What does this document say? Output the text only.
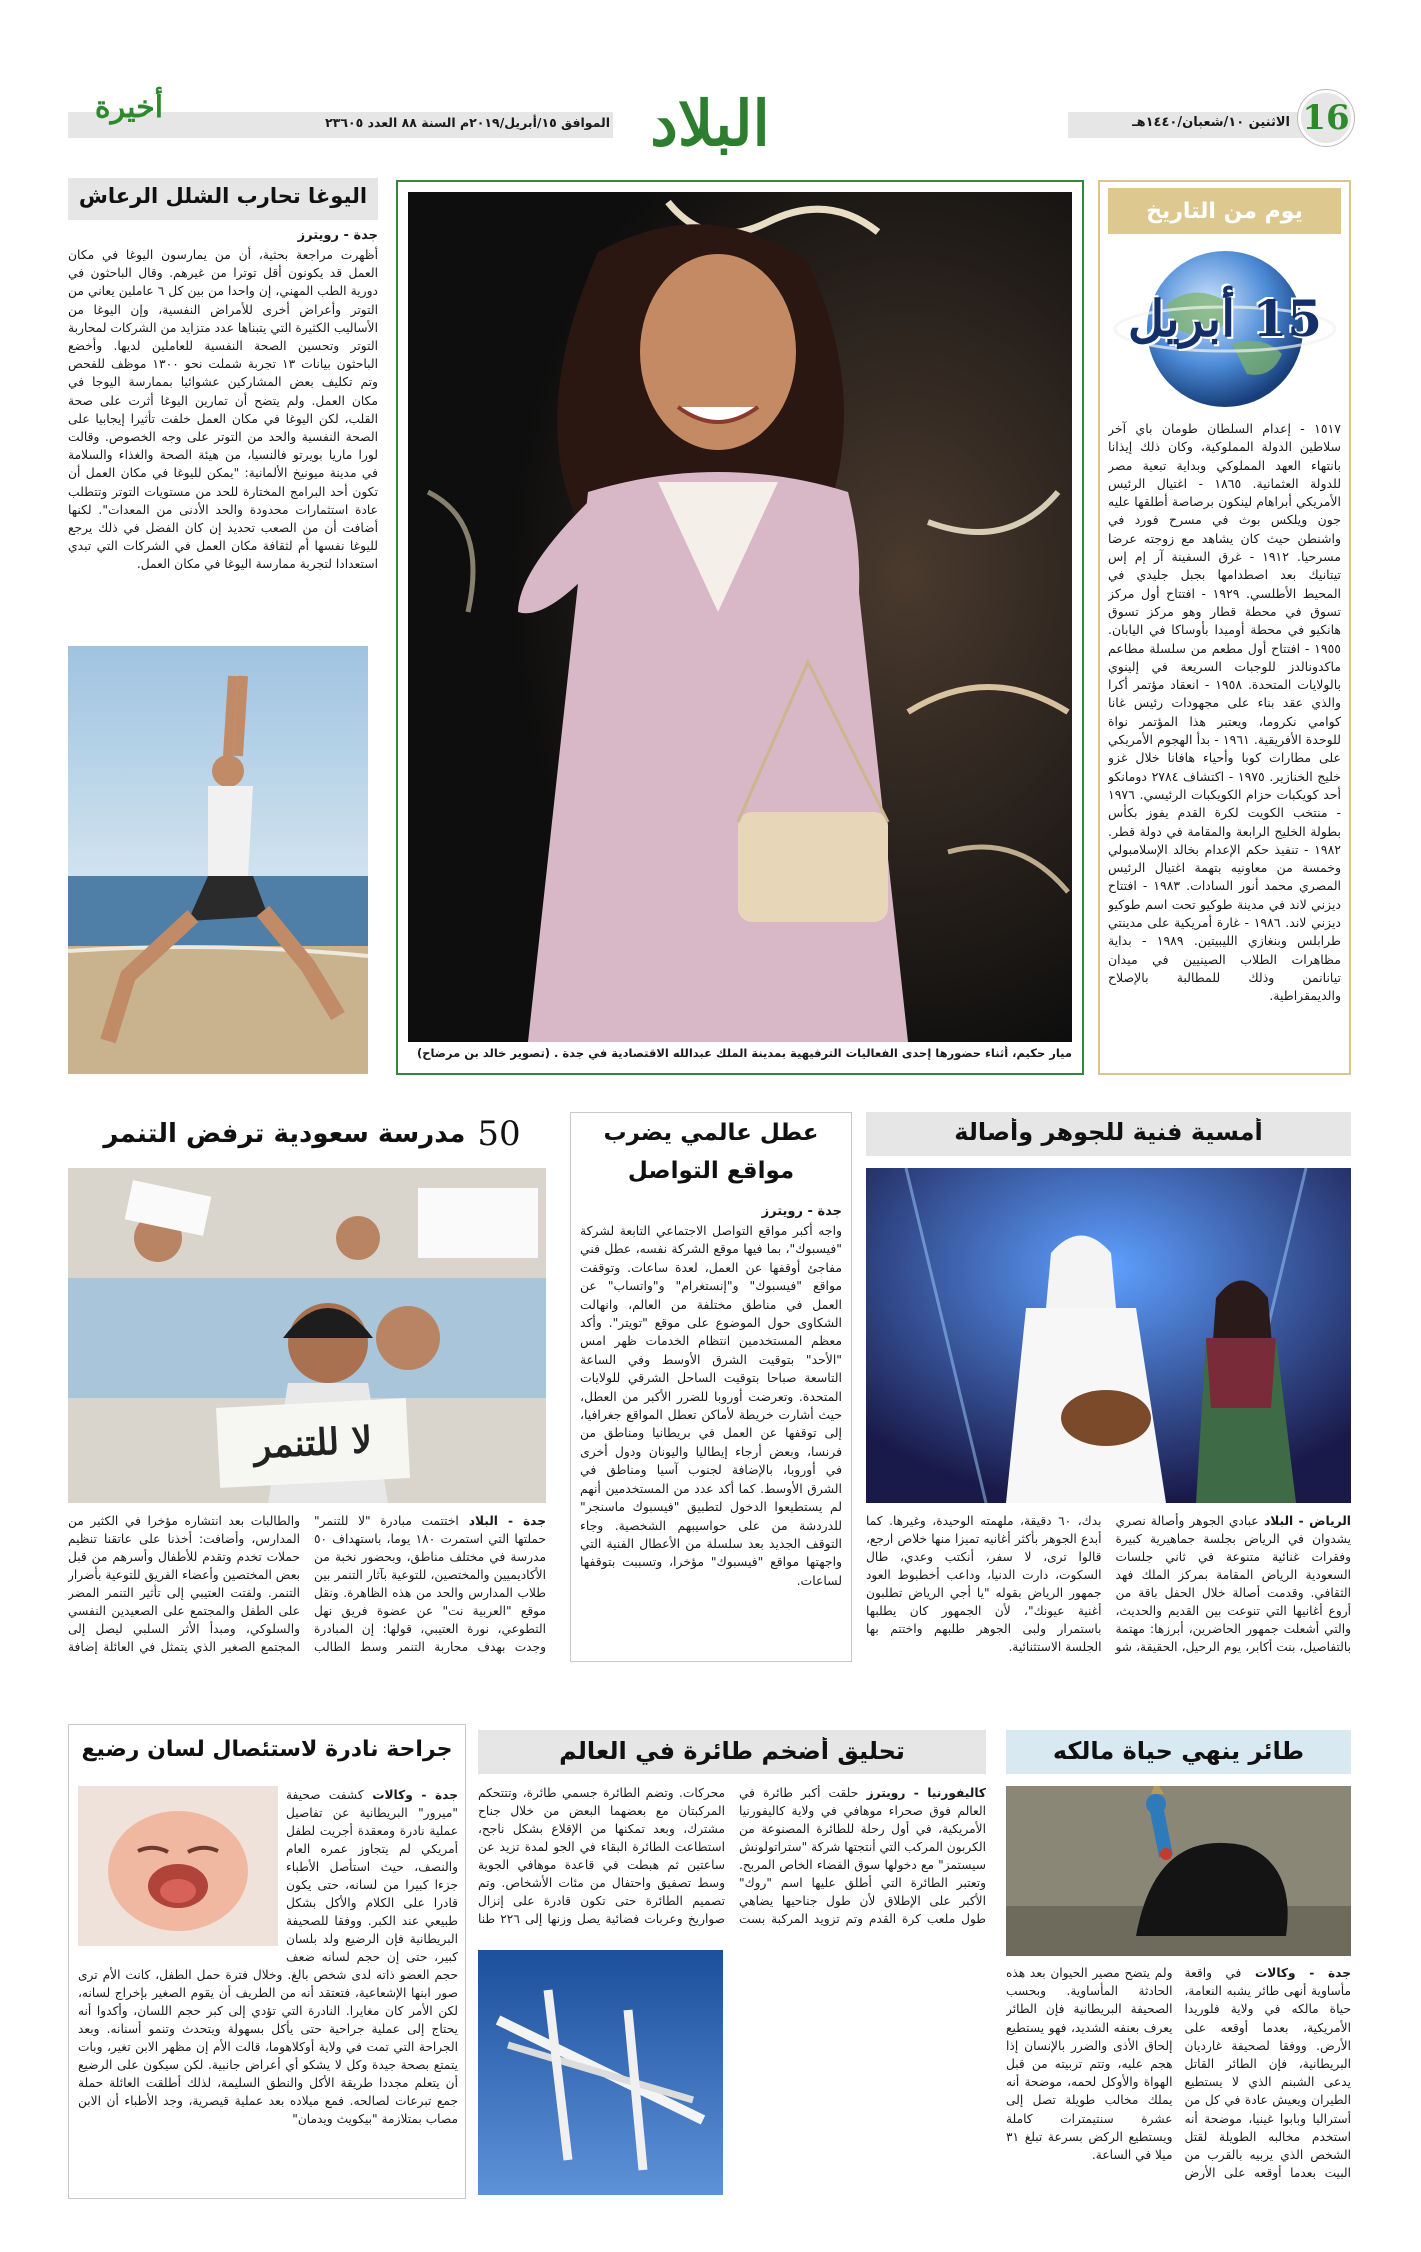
16
الاثنين ١٠/شعبان/١٤٤٠هـ
البلاد
الموافق ١٥/أبريل/٢٠١٩م السنة ٨٨ العدد ٢٣٦٠٥
أخيرة
يوم من التاريخ
15 أبريل
١٥١٧ - إعدام السلطان طومان باي آخر سلاطين الدولة المملوكية، وكان ذلك إيذانا بانتهاء العهد المملوكي وبداية تبعية مصر للدولة العثمانية. ١٨٦٥ - اغتيال الرئيس الأمريكي أبراهام لينكون برصاصة أطلقها عليه جون ويلكس بوث في مسرح فورد في واشنطن حيث كان يشاهد مع زوجته عرضا مسرحيا. ١٩١٢ - غرق السفينة آر إم إس تيتانيك بعد اصطدامها بجبل جليدي في المحيط الأطلسي. ١٩٢٩ - افتتاح أول مركز تسوق في محطة قطار وهو مركز تسوق هانكيو في محطة أوميدا بأوساكا في اليابان. ١٩٥٥ - افتتاح أول مطعم من سلسلة مطاعم ماكدونالدز للوجبات السريعة في إلينوي بالولايات المتحدة. ١٩٥٨ - انعقاد مؤتمر أكرا والذي عقد بناء على مجهودات رئيس غانا كوامي نكروما، ويعتبر هذا المؤتمر نواة للوحدة الأفريقية. ١٩٦١ - بدأ الهجوم الأمريكي على مطارات كوبا وأحياء هافانا خلال غزو خليج الخنازير. ١٩٧٥ - اكتشاف ٢٧٨٤ دومانكو أحد كويكبات حزام الكويكبات الرئيسي. ١٩٧٦ - منتخب الكويت لكرة القدم يفوز بكأس بطولة الخليج الرابعة والمقامة في دولة قطر. ١٩٨٢ - تنفيذ حكم الإعدام بخالد الإسلامبولي وخمسة من معاونيه بتهمة اغتيال الرئيس المصري محمد أنور السادات. ١٩٨٣ - افتتاح ديزني لاند في مدينة طوكيو تحت اسم طوكيو ديزني لاند. ١٩٨٦ - غارة أمريكية على مدينتي طرابلس وبنغازي الليبيتين. ١٩٨٩ - بداية مظاهرات الطلاب الصينيين في ميدان تيانانمن وذلك للمطالبة بالإصلاح والديمقراطية.
ميار حكيم، أثناء حضورها إحدى الفعاليات الترفيهية بمدينة الملك عبدالله الاقتصادية في جدة . (تصوير خالد بن مرضاح)
اليوغا تحارب الشلل الرعاش
جدة - رويترز
أظهرت مراجعة بحثية، أن من يمارسون اليوغا في مكان العمل قد يكونون أقل توترا من غيرهم. وقال الباحثون في دورية الطب المهني، إن واحدا من بين كل ٦ عاملين يعاني من التوتر وأعراض أخرى للأمراض النفسية، وإن اليوغا من الأساليب الكثيرة التي يتبناها عدد متزايد من الشركات لمحاربة التوتر وتحسين الصحة النفسية للعاملين لديها. وأخضع الباحثون بيانات ١٣ تجربة شملت نحو ١٣٠٠ موظف للفحص وتم تكليف بعض المشاركين عشوائيا بممارسة اليوجا في مكان العمل. ولم يتضح أن تمارين اليوغا أثرت على صحة القلب، لكن اليوغا في مكان العمل خلفت تأثيرا إيجابيا على الصحة النفسية والحد من التوتر على وجه الخصوص. وقالت لورا ماريا بويرتو فالنسيا، من هيئة الصحة والغذاء والسلامة في مدينة ميونيخ الألمانية: "يمكن لليوغا في مكان العمل أن تكون أحد البرامج المختارة للحد من مستويات التوتر وتتطلب عادة استثمارات محدودة والحد الأدنى من المعدات". لكنها أضافت أن من الصعب تحديد إن كان الفضل في ذلك يرجع لليوغا نفسها أم لثقافة مكان العمل في الشركات التي تبدي استعدادا لتجربة ممارسة اليوغا في مكان العمل.
أمسية فنية للجوهر وأصالة
الرياض - البلاد عبادي الجوهر وأصالة نصري يشدوان في الرياض بجلسة جماهيرية كبيرة وفقرات غنائية متنوعة في ثاني جلسات السعودية الرياض المقامة بمركز الملك فهد الثقافي. وقدمت أصالة خلال الحفل باقة من أروع أغانيها التي تنوعت بين القديم والحديث، والتي أشعلت جمهور الحاضرين، أبرزها: مهتمة بالتفاصيل، بنت أكابر، يوم الرحيل، الحقيقة، شو بدك، ٦٠ دقيقة، ملهمته الوحيدة، وغيرها. كما أبدع الجوهر بأكثر أغانيه تميزا منها خلاص ارجع، قالوا ترى، لا سفر، أنكتب وعدي، طال السكوت، دارت الدنيا، وداعب أخطبوط العود جمهور الرياض بقوله "يا أجي الرياض تطلبون أغنية عيونك"، لأن الجمهور كان يطلبها باستمرار ولبى الجوهر طلبهم واختتم بها الجلسة الاستثنائية.
عطل عالمي يضرب
مواقع التواصل
جدة - رويترز
واجه أكبر مواقع التواصل الاجتماعي التابعة لشركة "فيسبوك"، بما فيها موقع الشركة نفسه، عطل فني مفاجئ أوقفها عن العمل، لعدة ساعات. وتوقفت مواقع "فيسبوك" و"إنستغرام" و"واتساب" عن العمل في مناطق مختلفة من العالم، وانهالت الشكاوى حول الموضوع على موقع "تويتر". وأكد معظم المستخدمين انتظام الخدمات ظهر امس "الأحد" بتوقيت الشرق الأوسط وفي الساعة التاسعة صباحا بتوقيت الساحل الشرقي للولايات المتحدة. وتعرضت أوروبا للضرر الأكبر من العطل، حيث أشارت خريطة لأماكن تعطل المواقع جغرافيا، إلى توقفها عن العمل في بريطانيا ومناطق من فرنسا، وبعض أرجاء إيطاليا واليونان ودول أخرى في أوروبا، بالإضافة لجنوب آسيا ومناطق في الشرق الأوسط. كما أكد عدد من المستخدمين أنهم لم يستطيعوا الدخول لتطبيق "فيسبوك ماسنجر" للدردشة من على حواسيبهم الشخصية. وجاء التوقف الجديد بعد سلسلة من الأعطال الفنية التي واجهتها مواقع "فيسبوك" مؤخرا، وتسببت بتوقفها لساعات.
50
مدرسة سعودية ترفض التنمر
لا للتنمر
جدة - البلاد اختتمت مبادرة "لا للتنمر" حملتها التي استمرت ١٨٠ يوما، باستهداف ٥٠ مدرسة في مختلف مناطق، وبحضور نخبة من الأكاديميين والمختصين، للتوعية بآثار التنمر بين طلاب المدارس والحد من هذه الظاهرة. ونقل موقع "العربية نت" عن عضوة فريق نهل التطوعي، نورة العتيبي، قولها: إن المبادرة وجدت بهدف محاربة التنمر وسط الطالب والطالبات بعد انتشاره مؤخرا في الكثير من المدارس، وأضافت: أخذنا على عاتقنا تنظيم حملات تخدم وتقدم للأطفال وأسرهم من قبل بعض المختصين وأعضاء الفريق للتوعية بأضرار التنمر. ولفتت العتيبي إلى تأثير التنمر المضر على الطفل والمجتمع على الصعيدين النفسي والسلوكي، ومبدأ الأثر السلبي ليصل إلى المجتمع الصغير الذي يتمثل في العائلة إضافة
طائر ينهي حياة مالكه
جدة - وكالات في واقعة مأساوية أنهى طائر يشبه النعامة، حياة مالكه في ولاية فلوريدا الأمريكية، بعدما أوقعه على الأرض. ووفقا لصحيفة غارديان البريطانية، فإن الطائر القاتل يدعى الشبنم الذي لا يستطيع الطيران ويعيش عادة في كل من أستراليا وبابوا غينيا، موضحة أنه استخدم مخالبه الطويلة لقتل الشخص الذي يربيه بالقرب من البيت بعدما أوقعه على الأرض ولم يتضح مصير الحيوان بعد هذه الحادثة المأساوية. وبحسب الصحيفة البريطانية فإن الطائر يعرف بعنفه الشديد، فهو يستطيع إلحاق الأذى والضرر بالإنسان إذا هجم عليه، وتتم تربيته من قبل الهواة والأوكل لحمه، موضحة أنه يملك مخالب طويلة تصل إلى عشرة سنتيمترات كاملة ويستطيع الركض بسرعة تبلغ ٣١ ميلا في الساعة.
تحليق أضخم طائرة في العالم
كاليفورنيا - رويترز حلقت أكبر طائرة في العالم فوق صحراء موهافي في ولاية كاليفورنيا الأمريكية، في أول رحلة للطائرة المصنوعة من الكربون المركب التي أنتجتها شركة "ستراتولونش سيستمز" مع دخولها سوق الفضاء الخاص المربح. وتعتبر الطائرة التي أطلق عليها اسم "روك" الأكبر على الإطلاق لأن طول جناحيها يضاهي طول ملعب كرة القدم وتم تزويد المركبة بست محركات. وتضم الطائرة جسمي طائرة، وتتتحكم المركبتان مع بعضهما البعض من خلال جناح مشترك، وبعد تمكنها من الإقلاع بشكل ناجح، استطاعت الطائرة البقاء في الجو لمدة تزيد عن ساعتين ثم هبطت في قاعدة موهافي الجوية وسط تصفيق واحتفال من مئات الأشخاص. وتم تصميم الطائرة حتى تكون قادرة على إنزال صواريخ وعربات فضائية يصل وزنها إلى ٢٢٦ طنا
جراحة نادرة لاستئصال لسان رضيع
جدة - وكالات كشفت صحيفة "ميرور" البريطانية عن تفاصيل عملية نادرة ومعقدة أجريت لطفل أمريكي لم يتجاوز عمره العام والنصف، حيث استأصل الأطباء جزءا كبيرا من لسانه، حتى يكون قادرا على الكلام والأكل بشكل طبيعي عند الكبر. ووفقا للصحيفة البريطانية فإن الرضيع ولد بلسان كبير، حتى إن حجم لسانه ضعف حجم العضو ذاته لدى شخص بالغ. وخلال فترة حمل الطفل، كانت الأم ترى صور ابنها الإشعاعية، فتعتقد أنه من الطريف أن يقوم الصغير بإخراج لسانه، لكن الأمر كان مغايرا. النادرة التي تؤدي إلى كبر حجم اللسان، وأكدوا أنه يحتاج إلى عملية جراحية حتى يأكل بسهولة ويتحدث وتنمو أسنانه. وبعد الجراحة التي تمت في ولاية أوكلاهوما، قالت الأم إن مظهر الابن تغير، وبات يتمتع بصحة جيدة وكل لا يشكو أي أعراض جانبية. لكن سيكون على الرضيع أن يتعلم مجددا طريقة الأكل والنطق السليمة، لذلك أطلقت العائلة حملة جمع تبرعات لصالحه. فمع ميلاده بعد عملية قيصرية، وجد الأطباء أن الابن مصاب بمتلازمة "بيكويث ويدمان"
